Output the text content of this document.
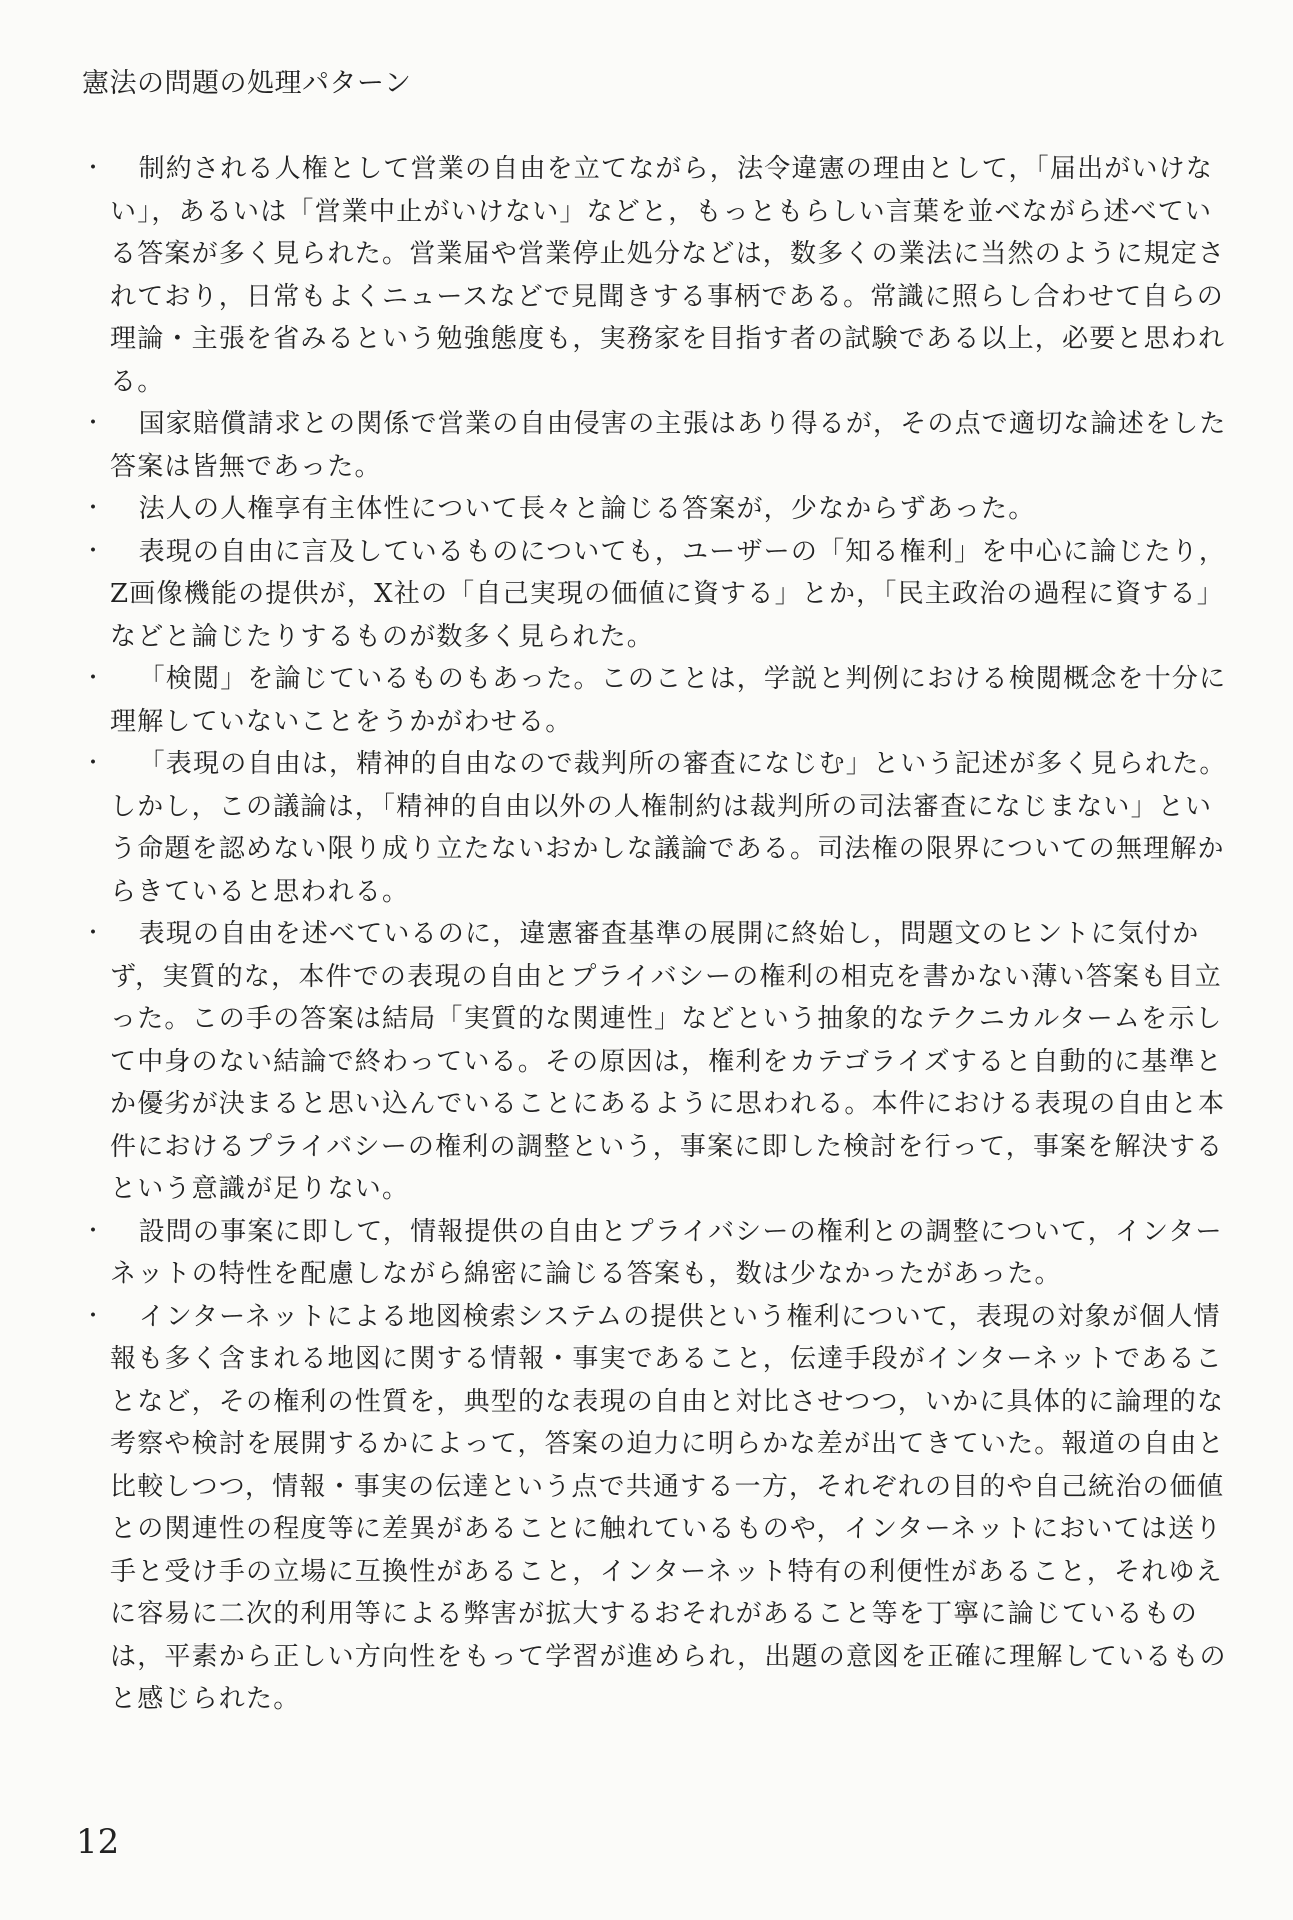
憲法の問題の処理パターン
・	制約される人権として営業の自由を立てながら，法令違憲の理由として，「届出がいけない」，あるいは「営業中止がいけない」などと，もっともらしい言葉を並べながら述べている答案が多く見られた。営業届や営業停止処分などは，数多くの業法に当然のように規定されており，日常もよくニュースなどで見聞きする事柄である。常識に照らし合わせて自らの理論・主張を省みるという勉強態度も，実務家を目指す者の試験である以上，必要と思われる。
・	国家賠償請求との関係で営業の自由侵害の主張はあり得るが，その点で適切な論述をした答案は皆無であった。
・	法人の人権享有主体性について長々と論じる答案が，少なからずあった。
・	表現の自由に言及しているものについても，ユーザーの「知る権利」を中心に論じたり，Z画像機能の提供が，X社の「自己実現の価値に資する」とか，「民主政治の過程に資する」などと論じたりするものが数多く見られた。
・	「検閲」を論じているものもあった。このことは，学説と判例における検閲概念を十分に理解していないことをうかがわせる。
・	「表現の自由は，精神的自由なので裁判所の審査になじむ」という記述が多く見られた。しかし，この議論は，「精神的自由以外の人権制約は裁判所の司法審査になじまない」という命題を認めない限り成り立たないおかしな議論である。司法権の限界についての無理解からきていると思われる。
・	表現の自由を述べているのに，違憲審査基準の展開に終始し，問題文のヒントに気付かず，実質的な，本件での表現の自由とプライバシーの権利の相克を書かない薄い答案も目立った。この手の答案は結局「実質的な関連性」などという抽象的なテクニカルタームを示して中身のない結論で終わっている。その原因は，権利をカテゴライズすると自動的に基準とか優劣が決まると思い込んでいることにあるように思われる。本件における表現の自由と本件におけるプライバシーの権利の調整という，事案に即した検討を行って，事案を解決するという意識が足りない。
・	設問の事案に即して，情報提供の自由とプライバシーの権利との調整について，インターネットの特性を配慮しながら綿密に論じる答案も，数は少なかったがあった。
・	インターネットによる地図検索システムの提供という権利について，表現の対象が個人情報も多く含まれる地図に関する情報・事実であること，伝達手段がインターネットであることなど，その権利の性質を，典型的な表現の自由と対比させつつ，いかに具体的に論理的な考察や検討を展開するかによって，答案の迫力に明らかな差が出てきていた。報道の自由と比較しつつ，情報・事実の伝達という点で共通する一方，それぞれの目的や自己統治の価値との関連性の程度等に差異があることに触れているものや，インターネットにおいては送り手と受け手の立場に互換性があること，インターネット特有の利便性があること，それゆえに容易に二次的利用等による弊害が拡大するおそれがあること等を丁寧に論じているものは，平素から正しい方向性をもって学習が進められ，出題の意図を正確に理解しているものと感じられた。
12
